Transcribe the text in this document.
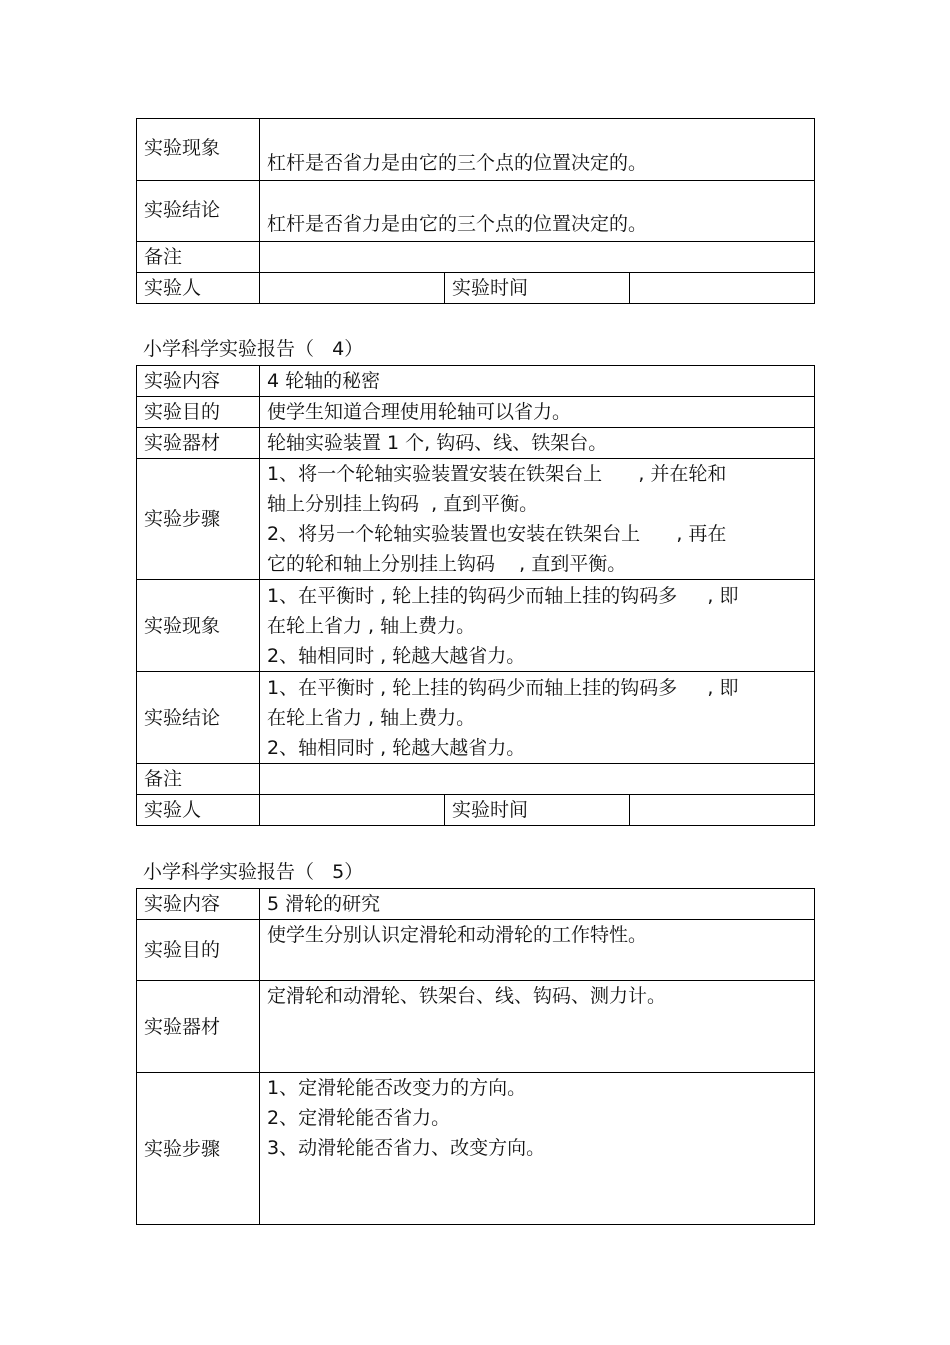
实验现象	杠杆是否省力是由它的三个点的位置决定的。		
实验结论	杠杆是否省力是由它的三个点的位置决定的。		
备注			
实验人		实验时间	
小学科学实验报告（   4）
实验内容	4 轮轴的秘密		
实验目的	使学生知道合理使用轮轴可以省力。		
实验器材	轮轴实验装置 1 个, 钩码、线、铁架台。		
实验步骤	1、将一个轮轴实验装置安装在铁架台上      , 并在轮和
轴上分别挂上钩码  , 直到平衡。
2、将另一个轮轴实验装置也安装在铁架台上      , 再在
它的轮和轴上分别挂上钩码    , 直到平衡。		

实验现象	1、在平衡时 , 轮上挂的钩码少而轴上挂的钩码多     , 即
在轮上省力 , 轴上费力。
2、轴相同时 , 轮越大越省力。		

实验结论	1、在平衡时 , 轮上挂的钩码少而轴上挂的钩码多     , 即
在轮上省力 , 轴上费力。
2、轴相同时 , 轮越大越省力。		

备注			
实验人		实验时间	
小学科学实验报告（   5）
实验内容	5 滑轮的研究
实验目的	使学生分别认识定滑轮和动滑轮的工作特性。
实验器材	定滑轮和动滑轮、铁架台、线、钩码、测力计。
实验步骤	1、定滑轮能否改变力的方向。
2、定滑轮能否省力。
3、动滑轮能否省力、改变方向。
